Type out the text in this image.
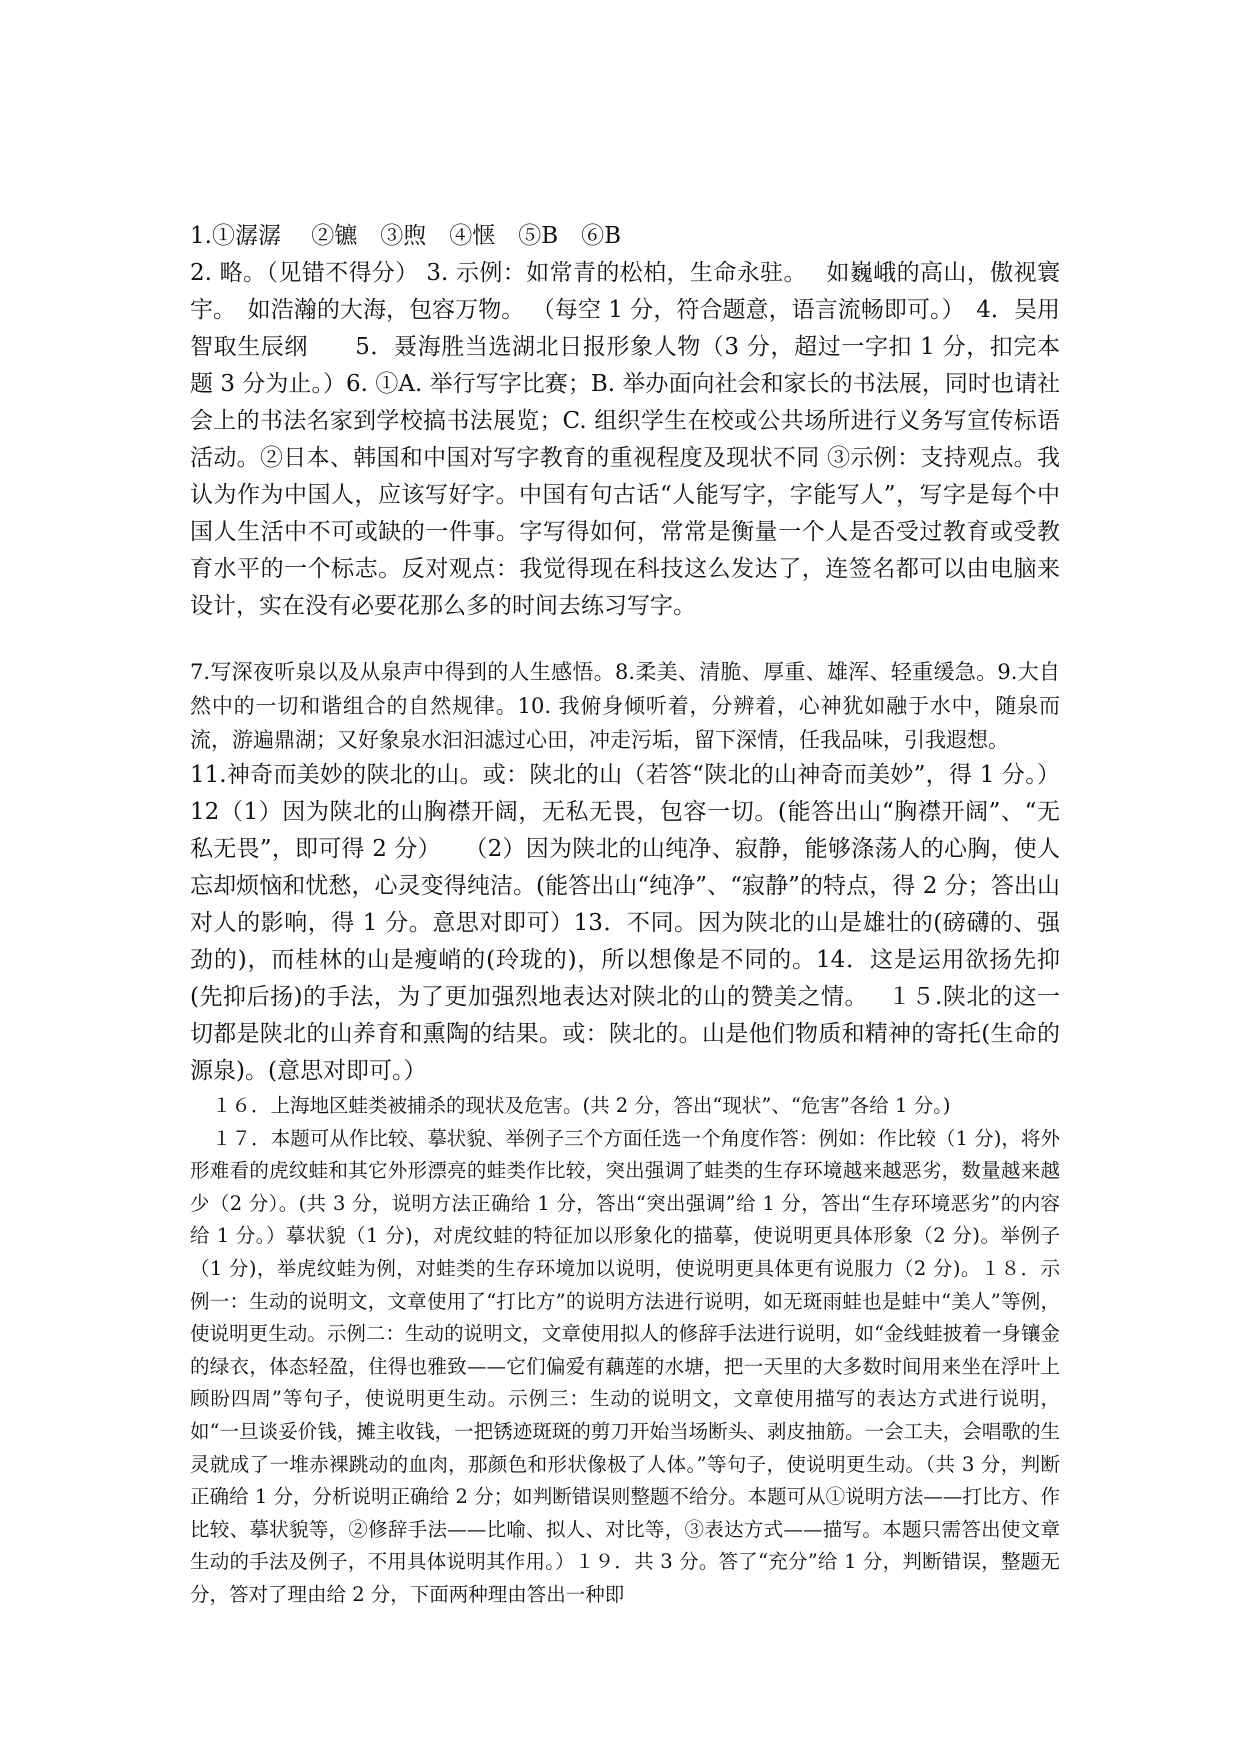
1.①潺潺　 ②镳　③煦　④惬　⑤B　⑥B

2. 略。（见错不得分） 3. 示例：如常青的松柏，生命永驻。　 如巍峨的高山，傲视寰宇。　如浩瀚的大海，包容万物。 （每空 1 分，符合题意，语言流畅即可。）　4．吴用　 智取生辰纲　　5．聂海胜当选湖北日报形象人物（3 分，超过一字扣 1 分，扣完本题 3 分为止。）6. ①A. 举行写字比赛；B. 举办面向社会和家长的书法展，同时也请社会上的书法名家到学校搞书法展览；C. 组织学生在校或公共场所进行义务写宣传标语活动。②日本、韩国和中国对写字教育的重视程度及现状不同 ③示例：支持观点。我认为作为中国人，应该写好字。中国有句古话“人能写字，字能写人”，写字是每个中国人生活中不可或缺的一件事。字写得如何，常常是衡量一个人是否受过教育或受教育水平的一个标志。反对观点：我觉得现在科技这么发达了，连签名都可以由电脑来设计，实在没有必要花那么多的时间去练习写字。

7.写深夜听泉以及从泉声中得到的人生感悟。8.柔美、清脆、厚重、雄浑、轻重缓急。9.大自然中的一切和谐组合的自然规律。10. 我俯身倾听着，分辨着，心神犹如融于水中，随泉而流，游遍鼎湖；又好象泉水汩汩滤过心田，冲走污垢，留下深情，任我品味，引我遐想。

11.神奇而美妙的陕北的山。或：陕北的山（若答“陕北的山神奇而美妙”，得 1 分。）12（1）因为陕北的山胸襟开阔，无私无畏，包容一切。(能答出山“胸襟开阔”、“无私无畏”，即可得 2 分）　　（2）因为陕北的山纯净、寂静，能够涤荡人的心胸，使人忘却烦恼和忧愁，心灵变得纯洁。(能答出山“纯净”、“寂静”的特点，得 2 分；答出山对人的影响，得 1 分。意思对即可）13．不同。因为陕北的山是雄壮的(磅礴的、强劲的)，而桂林的山是瘦峭的(玲珑的)，所以想像是不同的。14．这是运用欲扬先抑(先抑后扬)的手法，为了更加强烈地表达对陕北的山的赞美之情。　 １５.陕北的这一切都是陕北的山养育和熏陶的结果。或：陕北的。山是他们物质和精神的寄托(生命的源泉)。(意思对即可。）

１６．上海地区蛙类被捕杀的现状及危害。(共 2 分，答出“现状”、“危害”各给 1 分。)

１７．本题可从作比较、摹状貌、举例子三个方面任选一个角度作答：例如：作比较（1 分)，将外形难看的虎纹蛙和其它外形漂亮的蛙类作比较，突出强调了蛙类的生存环境越来越恶劣，数量越来越少（2 分）。(共 3 分，说明方法正确给 1 分，答出“突出强调”给 1 分，答出“生存环境恶劣”的内容给 1 分。）摹状貌（1 分)，对虎纹蛙的特征加以形象化的描摹，使说明更具体形象（2 分)。举例子（1 分)，举虎纹蛙为例，对蛙类的生存环境加以说明，使说明更具体更有说服力（2 分)。１８．示例一：生动的说明文，文章使用了“打比方”的说明方法进行说明，如无斑雨蛙也是蛙中“美人”等例，使说明更生动。示例二：生动的说明文，文章使用拟人的修辞手法进行说明，如“金线蛙披着一身镶金的绿衣，体态轻盈，住得也雅致——它们偏爱有藕莲的水塘，把一天里的大多数时间用来坐在浮叶上顾盼四周”等句子，使说明更生动。示例三：生动的说明文，文章使用描写的表达方式进行说明，如“一旦谈妥价钱，摊主收钱，一把锈迹斑斑的剪刀开始当场断头、剥皮抽筋。一会工夫，会唱歌的生灵就成了一堆赤裸跳动的血肉，那颜色和形状像极了人体。”等句子，使说明更生动。（共 3 分，判断正确给 1 分，分析说明正确给 2 分；如判断错误则整题不给分。本题可从①说明方法——打比方、作比较、摹状貌等，②修辞手法——比喻、拟人、对比等，③表达方式——描写。本题只需答出使文章生动的手法及例子，不用具体说明其作用。）１９．共 3 分。答了“充分”给 1 分，判断错误，整题无分，答对了理由给 2 分，下面两种理由答出一种即
